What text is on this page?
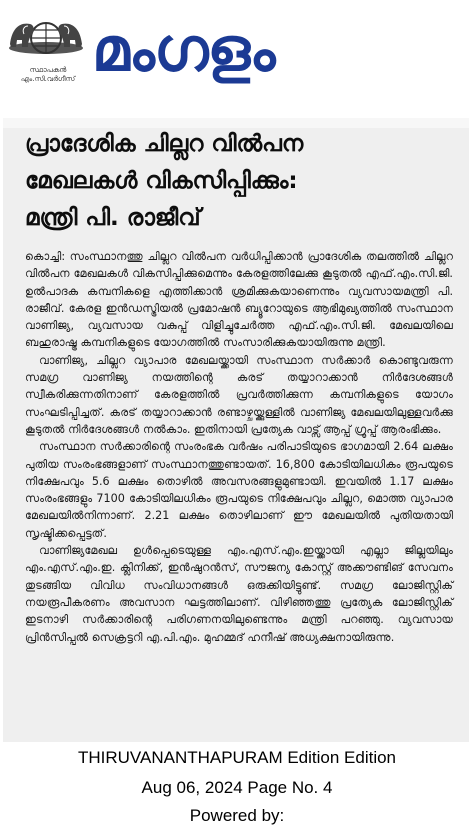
സ്ഥാപകൻ
എം.സി.വർഗീസ് മംഗളം
പ്രാദേശിക ചില്ലറ വിൽപന
മേഖലകൾ വികസിപ്പിക്കും:
മന്ത്രി പി. രാജീവ്

കൊച്ചി: സംസ്ഥാനത്തു ചില്ലറ വിൽപന വർധിപ്പിക്കാൻ പ്രാദേശിക തലത്തിൽ ചില്ലറ വിൽപന മേഖലകൾ വികസിപ്പിക്കുമെന്നും കേരളത്തിലേക്കു കൂടുതൽ എഫ്.എം.സി.ജി. ഉൽപാദക കമ്പനികളെ എത്തിക്കാൻ ശ്രമിക്കുകയാണെന്നും വ്യവസായമന്ത്രി പി. രാജീവ്. കേരള ഇൻഡസ്ട്രിയൽ പ്രമോഷൻ ബ്യൂറോയുടെ ആഭിമുഖ്യത്തിൽ സംസ്ഥാന വാണിജ്യ, വ്യവസായ വകുപ്പ് വിളിച്ചുചേർത്ത എഫ്.എം.സി.ജി. മേഖലയിലെ ബഹുരാഷ്ട്ര കമ്പനികളുടെ യോഗത്തിൽ സംസാരിക്കുകയായിരുന്നു മന്ത്രി.

വാണിജ്യ, ചില്ലറ വ്യാപാര മേഖലയ്ക്കായി സംസ്ഥാന സർക്കാർ കൊണ്ടുവരുന്ന സമഗ്ര വാണിജ്യ നയത്തിന്റെ കരട് തയ്യാറാക്കാൻ നിർദേശങ്ങൾ സ്വീകരിക്കുന്നതിനാണ് കേരളത്തിൽ പ്രവർത്തിക്കുന്ന കമ്പനികളുടെ യോഗം സംഘടിപ്പിച്ചത്. കരട് തയ്യാറാക്കാൻ രണ്ടാഴ്ചയ്ക്കുള്ളിൽ വാണിജ്യ മേഖലയിലുള്ളവർക്കു കൂടുതൽ നിർദേശങ്ങൾ നൽകാം. ഇതിനായി പ്രത്യേക വാട്സ് ആപ്പ് ഗ്രൂപ്പ് ആരംഭിക്കും.

സംസ്ഥാന സർക്കാരിന്റെ സംരംഭക വർഷം പരിപാടിയുടെ ഭാഗമായി 2.64 ലക്ഷം പുതിയ സംരംഭങ്ങളാണ് സംസ്ഥാനത്തുണ്ടായത്. 16,800 കോടിയിലധികം രൂപയുടെ നിക്ഷേപവും 5.6 ലക്ഷം തൊഴിൽ അവസരങ്ങളുമുണ്ടായി. ഇവയിൽ 1.17 ലക്ഷം സംരംഭങ്ങളും 7100 കോടിയിലധികം രൂപയുടെ നിക്ഷേപവും ചില്ലറ, മൊത്ത വ്യാപാര മേഖലയിൽനിന്നാണ്. 2.21 ലക്ഷം തൊഴിലാണ് ഈ മേഖലയിൽ പുതിയതായി സൃഷ്ടിക്കപ്പെട്ടത്.

വാണിജ്യമേഖല ഉൾപ്പെടെയുള്ള എം.എസ്.എം.ഇയ്ക്കായി എല്ലാ ജില്ലയിലും എം.എസ്.എം.ഇ. ക്ലിനിക്ക്, ഇൻഷുറൻസ്, സൗജന്യ കോസ്റ്റ് അക്കൗണ്ടിങ് സേവനം തുടങ്ങിയ വിവിധ സംവിധാനങ്ങൾ ഒരുക്കിയിട്ടുണ്ട്. സമഗ്ര ലോജിസ്റ്റിക് നയരൂപീകരണം അവസാന ഘട്ടത്തിലാണ്. വിഴിഞ്ഞത്തു പ്രത്യേക ലോജിസ്റ്റിക് ഇടനാഴി സർക്കാരിന്റെ പരിഗണനയിലുണ്ടെന്നും മന്ത്രി പറഞ്ഞു. വ്യവസായ പ്രിൻസിപ്പൽ സെക്രട്ടറി എ.പി.എം. മുഹമ്മദ് ഹനീഷ് അധ്യക്ഷനായിരുന്നു.

THIRUVANANTHAPURAM Edition Edition
Aug 06, 2024 Page No. 4
Powered by:
